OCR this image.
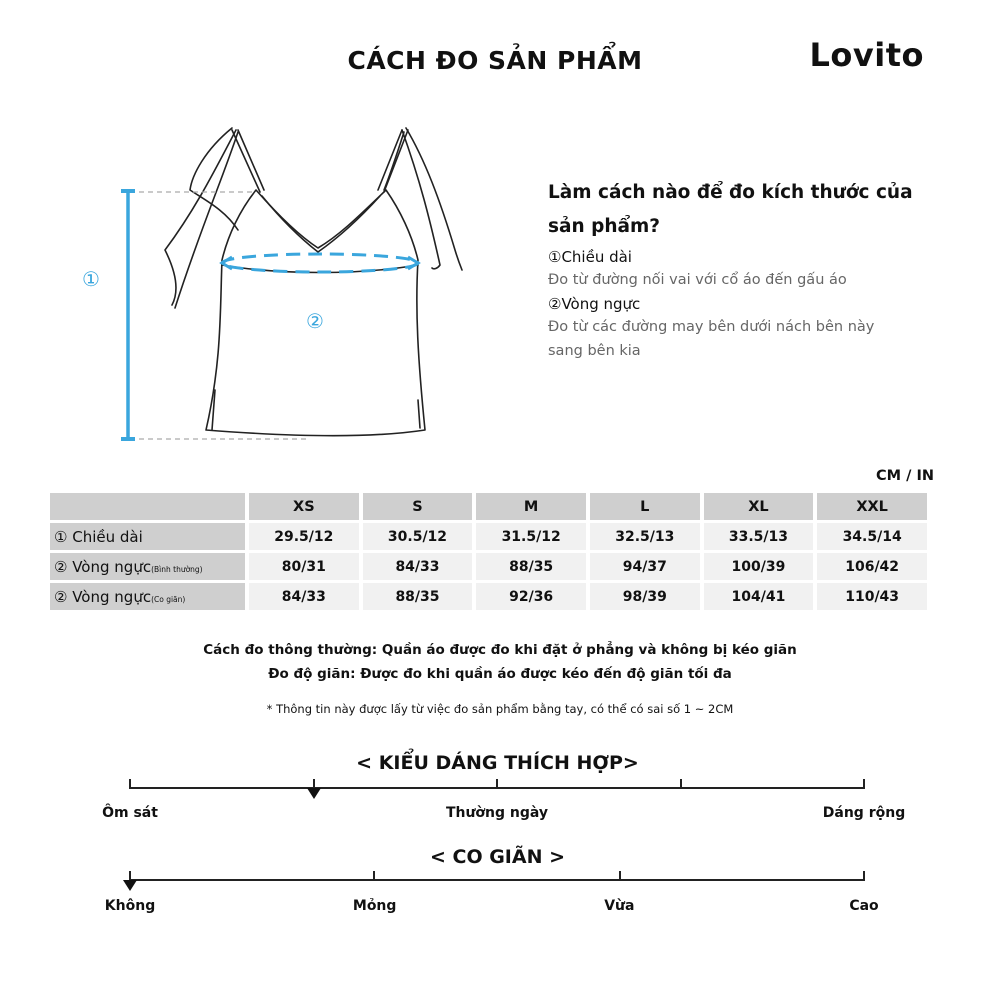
CÁCH ĐO SẢN PHẨM	Lovito
①
②
Làm cách nào để đo kích thước của
sản phẩm?
①Chiều dài
Đo từ đường nối vai với cổ áo đến gấu áo
②Vòng ngực
Đo từ các đường may bên dưới nách bên này
sang bên kia
CM / IN
	XS	S	M	L	XL	XXL
① Chiều dài	29.5/12	30.5/12	31.5/12	32.5/13	33.5/13	34.5/14
② Vòng ngực(Bình thường)	80/31	84/33	88/35	94/37	100/39	106/42
② Vòng ngực(Co giãn)	84/33	88/35	92/36	98/39	104/41	110/43
Cách đo thông thường: Quần áo được đo khi đặt ở phẳng và không bị kéo giãn
Đo độ giãn: Được đo khi quần áo được kéo đến độ giãn tối đa
* Thông tin này được lấy từ việc đo sản phẩm bằng tay, có thể có sai số 1 ~ 2CM
< KIỂU DÁNG THÍCH HỢP>
Ôm sát	Thường ngày	Dáng rộng
< CO GIÃN >
Không	Mỏng	Vừa	Cao
